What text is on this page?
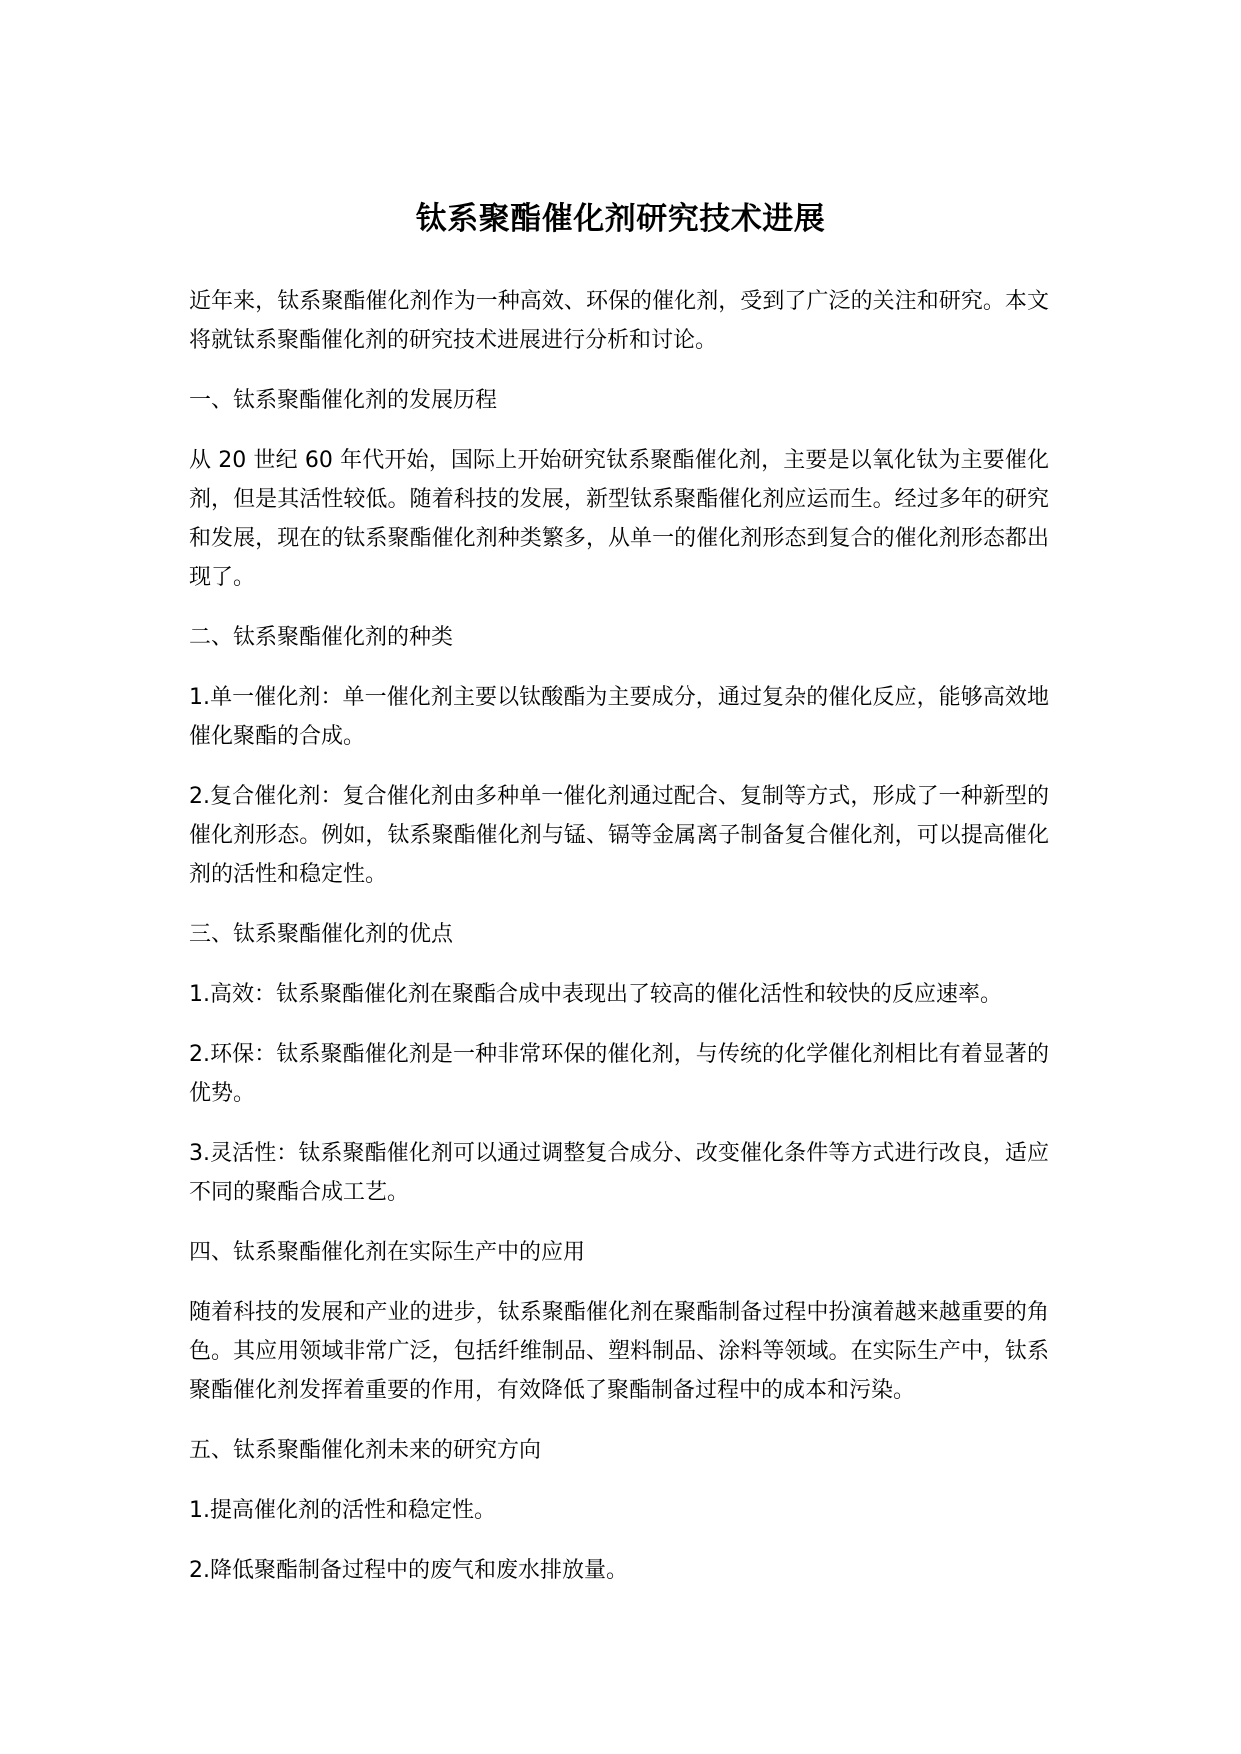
钛系聚酯催化剂研究技术进展

近年来，钛系聚酯催化剂作为一种高效、环保的催化剂，受到了广泛的关注和研究。本文将就钛系聚酯催化剂的研究技术进展进行分析和讨论。

一、钛系聚酯催化剂的发展历程

从 20 世纪 60 年代开始，国际上开始研究钛系聚酯催化剂，主要是以氧化钛为主要催化剂，但是其活性较低。随着科技的发展，新型钛系聚酯催化剂应运而生。经过多年的研究和发展，现在的钛系聚酯催化剂种类繁多，从单一的催化剂形态到复合的催化剂形态都出现了。

二、钛系聚酯催化剂的种类

1.单一催化剂：单一催化剂主要以钛酸酯为主要成分，通过复杂的催化反应，能够高效地催化聚酯的合成。

2.复合催化剂：复合催化剂由多种单一催化剂通过配合、复制等方式，形成了一种新型的催化剂形态。例如，钛系聚酯催化剂与锰、镉等金属离子制备复合催化剂，可以提高催化剂的活性和稳定性。

三、钛系聚酯催化剂的优点

1.高效：钛系聚酯催化剂在聚酯合成中表现出了较高的催化活性和较快的反应速率。

2.环保：钛系聚酯催化剂是一种非常环保的催化剂，与传统的化学催化剂相比有着显著的优势。

3.灵活性：钛系聚酯催化剂可以通过调整复合成分、改变催化条件等方式进行改良，适应不同的聚酯合成工艺。

四、钛系聚酯催化剂在实际生产中的应用

随着科技的发展和产业的进步，钛系聚酯催化剂在聚酯制备过程中扮演着越来越重要的角色。其应用领域非常广泛，包括纤维制品、塑料制品、涂料等领域。在实际生产中，钛系聚酯催化剂发挥着重要的作用，有效降低了聚酯制备过程中的成本和污染。

五、钛系聚酯催化剂未来的研究方向

1.提高催化剂的活性和稳定性。

2.降低聚酯制备过程中的废气和废水排放量。
